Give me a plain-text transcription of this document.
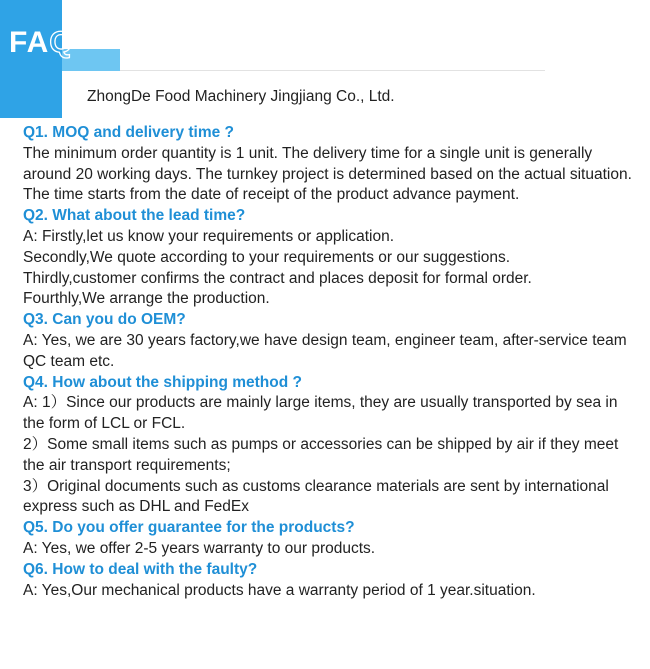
FAQ
ZhongDe Food Machinery Jingjiang Co., Ltd.
Q1. MOQ and delivery time ?
The minimum order quantity is 1 unit. The delivery time for a single unit is generally around 20 working days. The turnkey project is determined based on the actual situation. The time starts from the date of receipt of the product advance payment.
Q2. What about the lead time?
A: Firstly,let us know your requirements or application.
Secondly,We quote according to your requirements or our suggestions.
Thirdly,customer confirms the contract and places deposit for formal order.
Fourthly,We arrange the production.
Q3. Can you do OEM?
A: Yes, we are 30 years factory,we have design team, engineer team, after-service team QC team etc.
Q4. How about the shipping method ?
A: 1）Since our products are mainly large items, they are usually transported by sea in the form of LCL or FCL.
2）Some small items such as pumps or accessories can be shipped by air if they meet the air transport requirements;
3）Original documents such as customs clearance materials are sent by international express such as DHL and FedEx
Q5. Do you offer guarantee for the products?
A: Yes, we offer 2-5 years warranty to our products.
Q6. How to deal with the faulty?
A: Yes,Our mechanical products have a warranty period of 1 year.situation.
